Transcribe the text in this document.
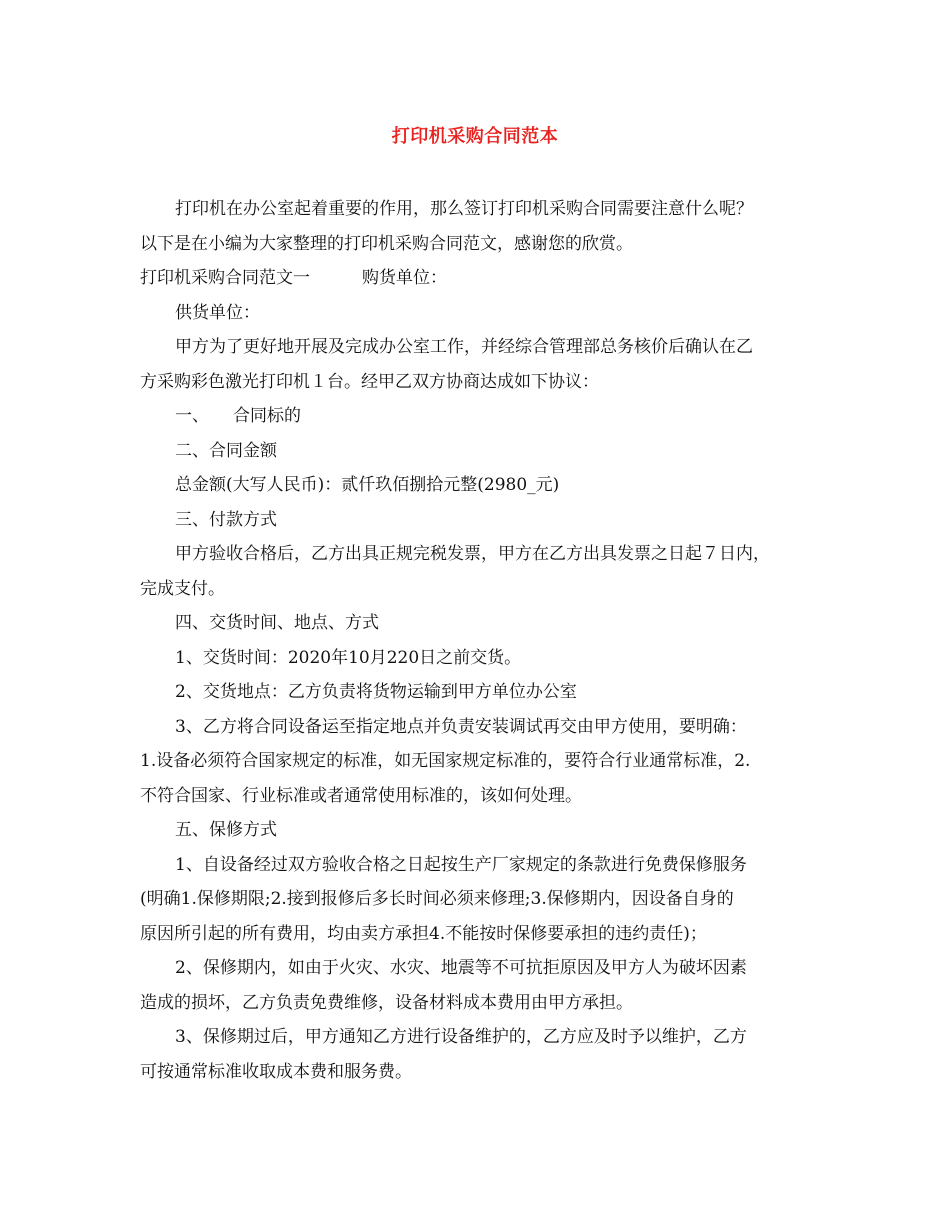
打印机采购合同范本

打印机在办公室起着重要的作用，那么签订打印机采购合同需要注意什么呢？

以下是在小编为大家整理的打印机采购合同范文，感谢您的欣赏。

打印机采购合同范文一	购货单位：

供货单位：

甲方为了更好地开展及完成办公室工作，并经综合管理部总务核价后确认在乙

方采购彩色激光打印机１台。经甲乙双方协商达成如下协议：

一、 合同标的

二、合同金额

总金额(大写人民币)：贰仟玖佰捌拾元整(2980_元)

三、付款方式

甲方验收合格后，乙方出具正规完税发票，甲方在乙方出具发票之日起７日内，

完成支付。

四、交货时间、地点、方式

1、交货时间：2020年10月220日之前交货。

2、交货地点：乙方负责将货物运输到甲方单位办公室

3、乙方将合同设备运至指定地点并负责安装调试再交由甲方使用，要明确：

1.设备必须符合国家规定的标准，如无国家规定标准的，要符合行业通常标准，2.

不符合国家、行业标准或者通常使用标准的，该如何处理。

五、保修方式

1、自设备经过双方验收合格之日起按生产厂家规定的条款进行免费保修服务

(明确1.保修期限;2.接到报修后多长时间必须来修理;3.保修期内，因设备自身的

原因所引起的所有费用，均由卖方承担4.不能按时保修要承担的违约责任)；

2、保修期内，如由于火灾、水灾、地震等不可抗拒原因及甲方人为破坏因素

造成的损坏，乙方负责免费维修，设备材料成本费用由甲方承担。

3、保修期过后，甲方通知乙方进行设备维护的，乙方应及时予以维护，乙方

可按通常标准收取成本费和服务费。
